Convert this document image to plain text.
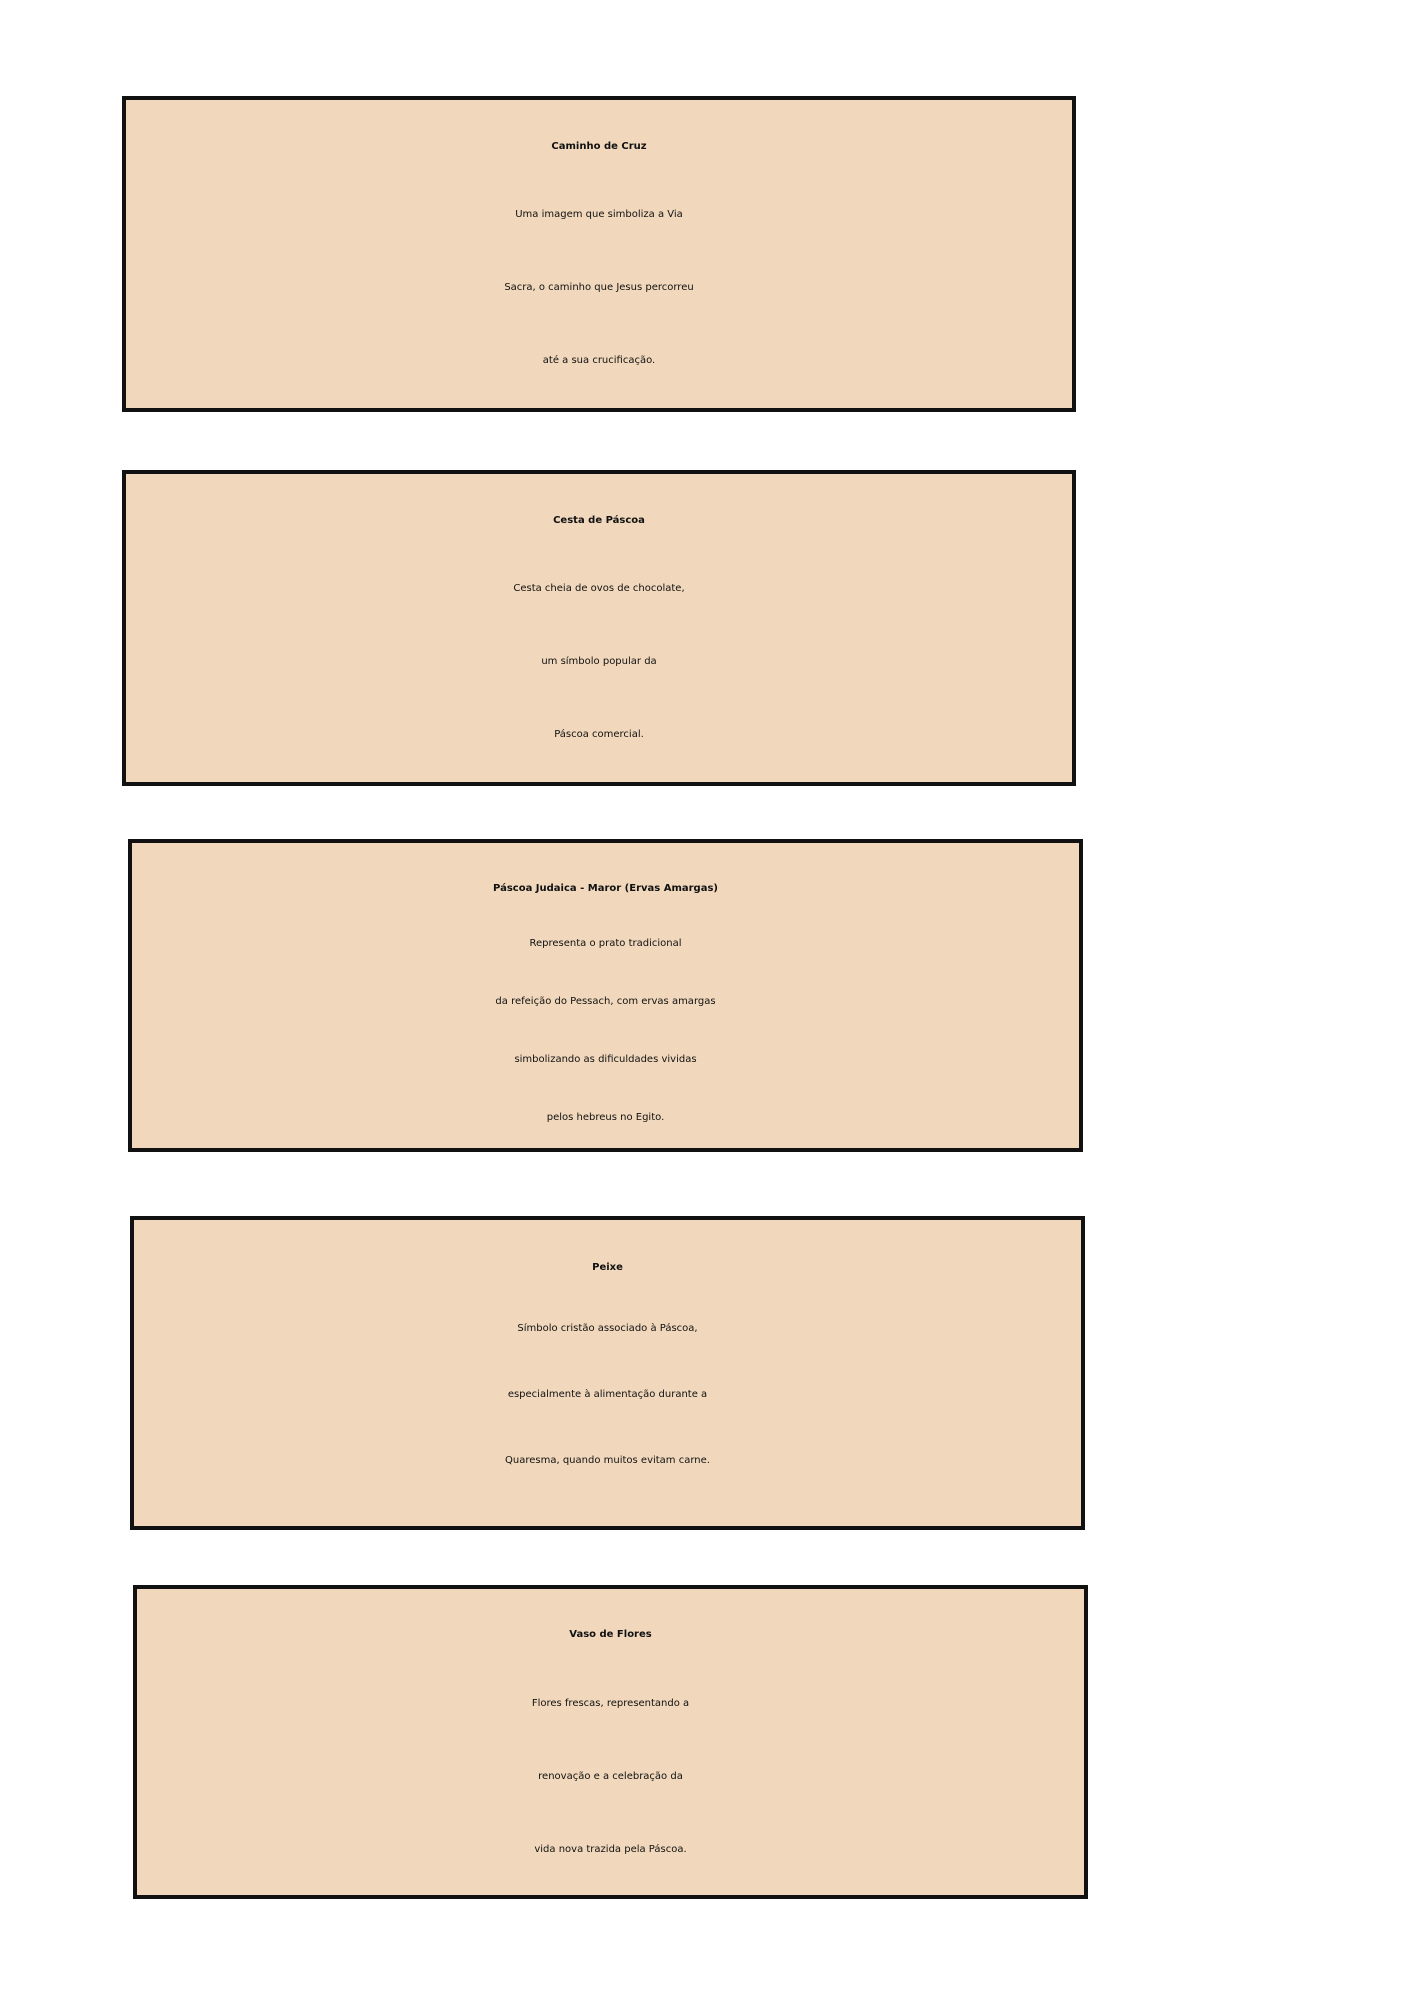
Caminho de Cruz
Uma imagem que simboliza a Via
Sacra, o caminho que Jesus percorreu
até a sua crucificação.
Cesta de Páscoa
Cesta cheia de ovos de chocolate,
um símbolo popular da
Páscoa comercial.
Páscoa Judaica - Maror (Ervas Amargas)
Representa o prato tradicional
da refeição do Pessach, com ervas amargas
simbolizando as dificuldades vividas
pelos hebreus no Egito.
Peixe
Símbolo cristão associado à Páscoa,
especialmente à alimentação durante a
Quaresma, quando muitos evitam carne.
Vaso de Flores
Flores frescas, representando a
renovação e a celebração da
vida nova trazida pela Páscoa.
